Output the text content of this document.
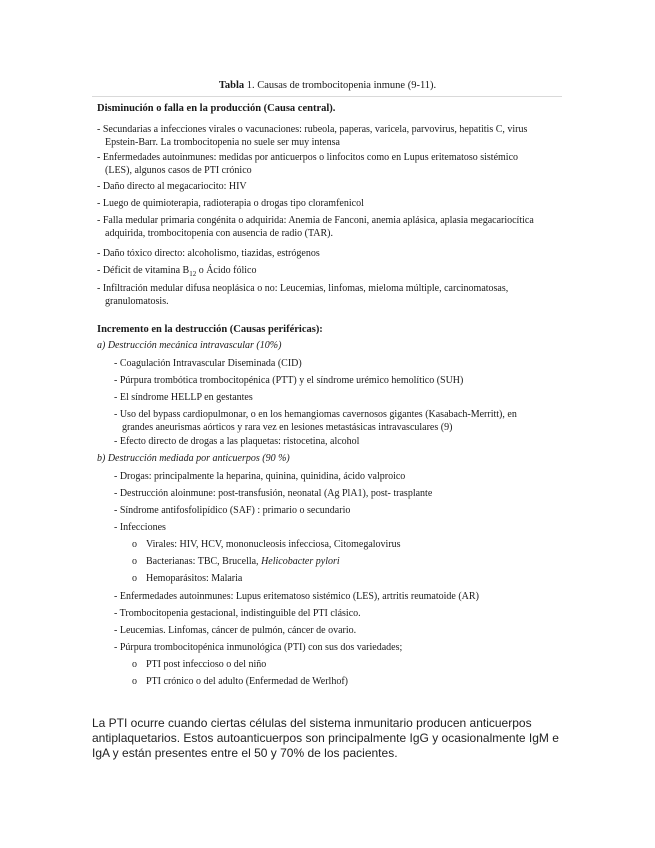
Tabla 1. Causas de trombocitopenia inmune (9-11).
Disminución o falla en la producción (Causa central).
- Secundarias a infecciones virales o vacunaciones: rubeola, paperas, varicela, parvovirus, hepatitis C, virus
Epstein-Barr. La trombocitopenia no suele ser muy intensa
- Enfermedades autoinmunes: medidas por anticuerpos o linfocitos como en Lupus eritematoso sistémico
(LES), algunos casos de PTI crónico
- Daño directo al megacariocito: HIV
- Luego de quimioterapia, radioterapia o drogas tipo cloramfenicol
- Falla medular primaria congénita o adquirida: Anemia de Fanconi, anemia aplásica, aplasia megacariocítica
adquirida, trombocitopenia con ausencia de radio (TAR).
- Daño tóxico directo: alcoholismo, tiazidas, estrógenos
- Déficit de vitamina $B_{12}$ o Ácido fólico
- Infiltración medular difusa neoplásica o no: Leucemias, linfomas, mieloma múltiple, carcinomatosas,
granulomatosis.
Incremento en la destrucción (Causas periféricas):
a) Destrucción mecánica intravascular (10%)
- Coagulación Intravascular Diseminada (CID)
- Púrpura trombótica trombocitopénica (PTT) y el síndrome urémico hemolítico (SUH)
- El síndrome HELLP en gestantes
- Uso del bypass cardiopulmonar, o en los hemangiomas cavernosos gigantes (Kasabach-Merritt), en
grandes aneurismas aórticos y rara vez en lesiones metastásicas intravasculares (9)
- Efecto directo de drogas a las plaquetas: ristocetina, alcohol
b) Destrucción mediada por anticuerpos (90 %)
- Drogas: principalmente la heparina, quinina, quinidina, ácido valproico
- Destrucción aloinmune: post-transfusión, neonatal (Ag PlA1), post- trasplante
- Síndrome antifosfolipídico (SAF) : primario o secundario
- Infecciones
o Virales: HIV, HCV, mononucleosis infecciosa, Citomegalovirus
o Bacterianas: TBC, Brucella, Helicobacter pylori
o Hemoparásitos: Malaria
- Enfermedades autoinmunes: Lupus eritematoso sistémico (LES), artritis reumatoide (AR)
- Trombocitopenia gestacional, indistinguible del PTI clásico.
- Leucemias. Linfomas, cáncer de pulmón, cáncer de ovario.
- Púrpura trombocitopénica inmunológica (PTI) con sus dos variedades;
o PTI post infeccioso o del niño
o PTI crónico o del adulto (Enfermedad de Werlhof)
La PTI ocurre cuando ciertas células del sistema inmunitario producen anticuerpos antiplaquetarios. Estos autoanticuerpos son principalmente IgG y ocasionalmente IgM e IgA y están presentes entre el 50 y 70% de los pacientes.
